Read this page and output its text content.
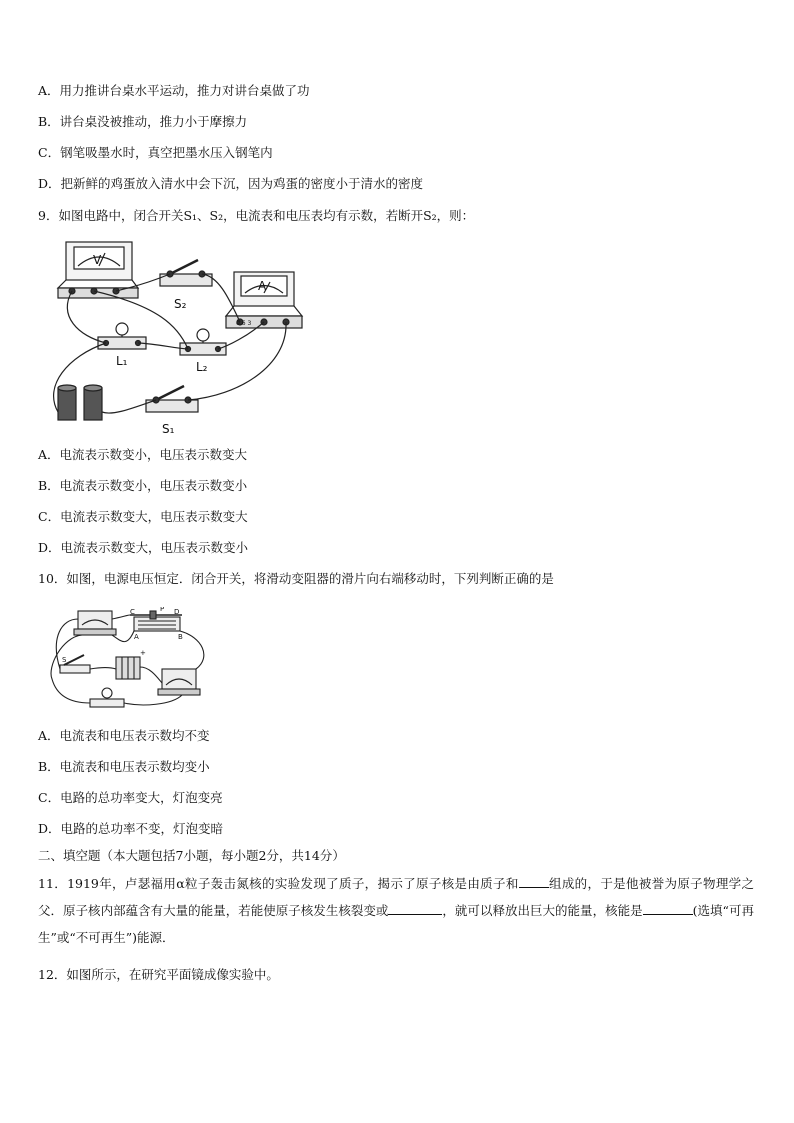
A．用力推讲台桌水平运动，推力对讲台桌做了功
B．讲台桌没被推动，推力小于摩擦力
C．钢笔吸墨水时，真空把墨水压入钢笔内
D．把新鲜的鸡蛋放入清水中会下沉，因为鸡蛋的密度小于清水的密度
9．如图电路中，闭合开关S₁、S₂，电流表和电压表均有示数，若断开S₂，则：
V
A
0.6 3
S₂
L₁	L₂
S₁
A．电流表示数变小，电压表示数变大
B．电流表示数变小，电压表示数变小
C．电流表示数变大，电压表示数变大
D．电流表示数变大，电压表示数变小
10．如图，电源电压恒定．闭合开关，将滑动变阻器的滑片向右端移动时，下列判断正确的是
C	D
A	B
P
S
+
A．电流表和电压表示数均不变
B．电流表和电压表示数均变小
C．电路的总功率变大，灯泡变亮
D．电路的总功率不变，灯泡变暗
二、填空题（本大题包括7小题，每小题2分，共14分）
11．1919年，卢瑟福用α粒子轰击氮核的实验发现了质子，揭示了原子核是由质子和 组成的，于是他被誉为原子物理学之父．原子核内部蕴含有大量的能量，若能使原子核发生核裂变或	，就可以释放出巨大的能量，核能是	(选填“可再生”或“不可再生”)能源．
12．如图所示，在研究平面镜成像实验中。
